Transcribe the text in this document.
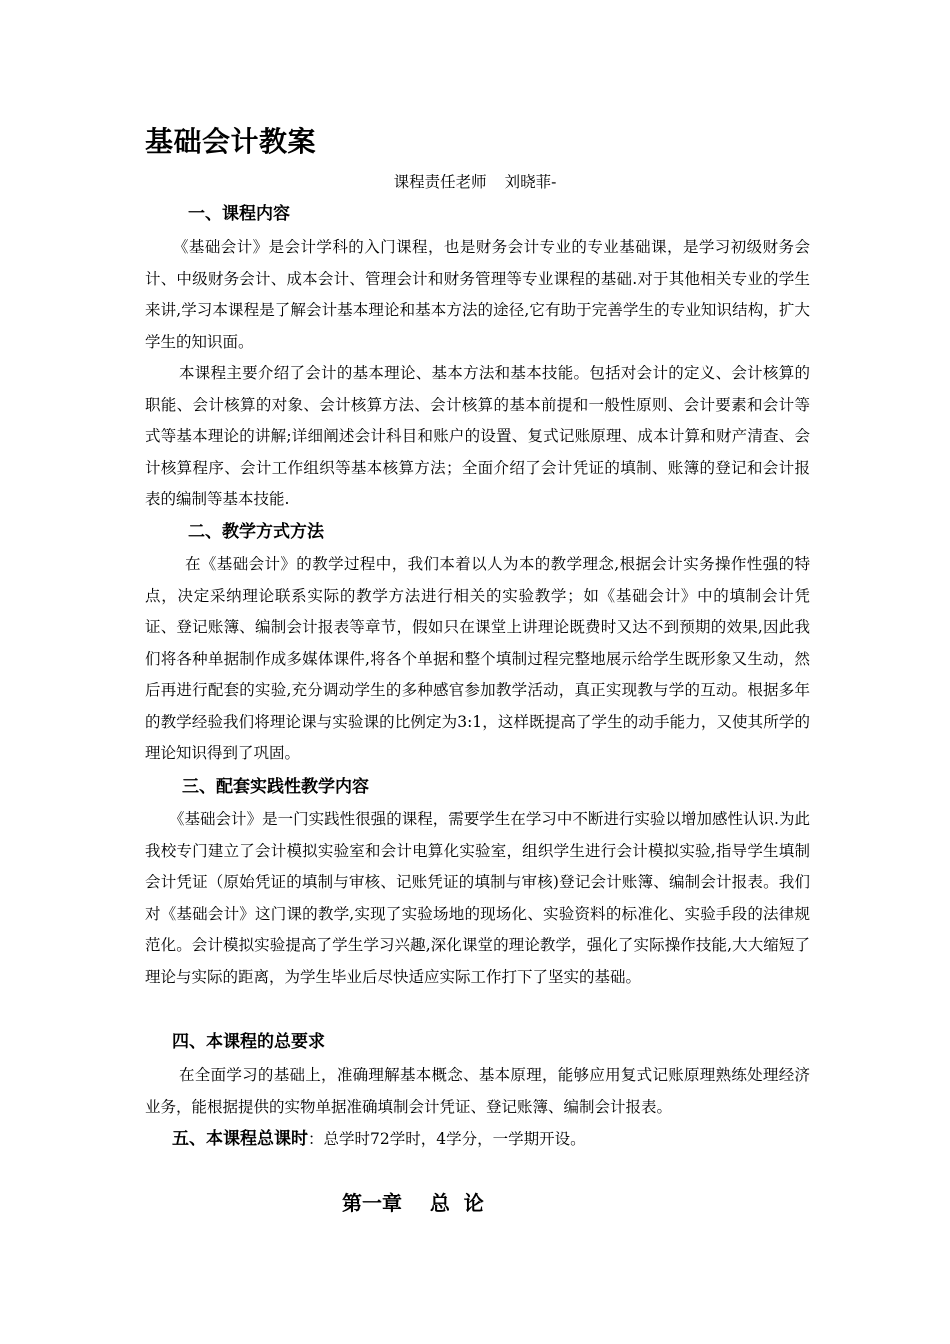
基础会计教案
课程责任老师 刘晓菲-
一、课程内容
《基础会计》是会计学科的入门课程，也是财务会计专业的专业基础课，是学习初级财务会计、中级财务会计、成本会计、管理会计和财务管理等专业课程的基础.对于其他相关专业的学生来讲,学习本课程是了解会计基本理论和基本方法的途径,它有助于完善学生的专业知识结构，扩大学生的知识面。
本课程主要介绍了会计的基本理论、基本方法和基本技能。包括对会计的定义、会计核算的职能、会计核算的对象、会计核算方法、会计核算的基本前提和一般性原则、会计要素和会计等式等基本理论的讲解;详细阐述会计科目和账户的设置、复式记账原理、成本计算和财产清查、会计核算程序、会计工作组织等基本核算方法；全面介绍了会计凭证的填制、账簿的登记和会计报表的编制等基本技能.
二、教学方式方法
在《基础会计》的教学过程中，我们本着以人为本的教学理念,根据会计实务操作性强的特点，决定采纳理论联系实际的教学方法进行相关的实验教学；如《基础会计》中的填制会计凭证、登记账簿、编制会计报表等章节，假如只在课堂上讲理论既费时又达不到预期的效果,因此我们将各种单据制作成多媒体课件,将各个单据和整个填制过程完整地展示给学生既形象又生动，然后再进行配套的实验,充分调动学生的多种感官参加教学活动，真正实现教与学的互动。根据多年的教学经验我们将理论课与实验课的比例定为3:1，这样既提高了学生的动手能力，又使其所学的理论知识得到了巩固。
三、配套实践性教学内容
《基础会计》是一门实践性很强的课程，需要学生在学习中不断进行实验以增加感性认识.为此我校专门建立了会计模拟实验室和会计电算化实验室，组织学生进行会计模拟实验,指导学生填制会计凭证（原始凭证的填制与审核、记账凭证的填制与审核)登记会计账簿、编制会计报表。我们对《基础会计》这门课的教学,实现了实验场地的现场化、实验资料的标准化、实验手段的法律规范化。会计模拟实验提高了学生学习兴趣,深化课堂的理论教学，强化了实际操作技能,大大缩短了理论与实际的距离，为学生毕业后尽快适应实际工作打下了坚实的基础。
四、本课程的总要求
在全面学习的基础上，准确理解基本概念、基本原理，能够应用复式记账原理熟练处理经济业务，能根据提供的实物单据准确填制会计凭证、登记账簿、编制会计报表。
五、本课程总课时：总学时72学时，4学分，一学期开设。
第一章    总  论
